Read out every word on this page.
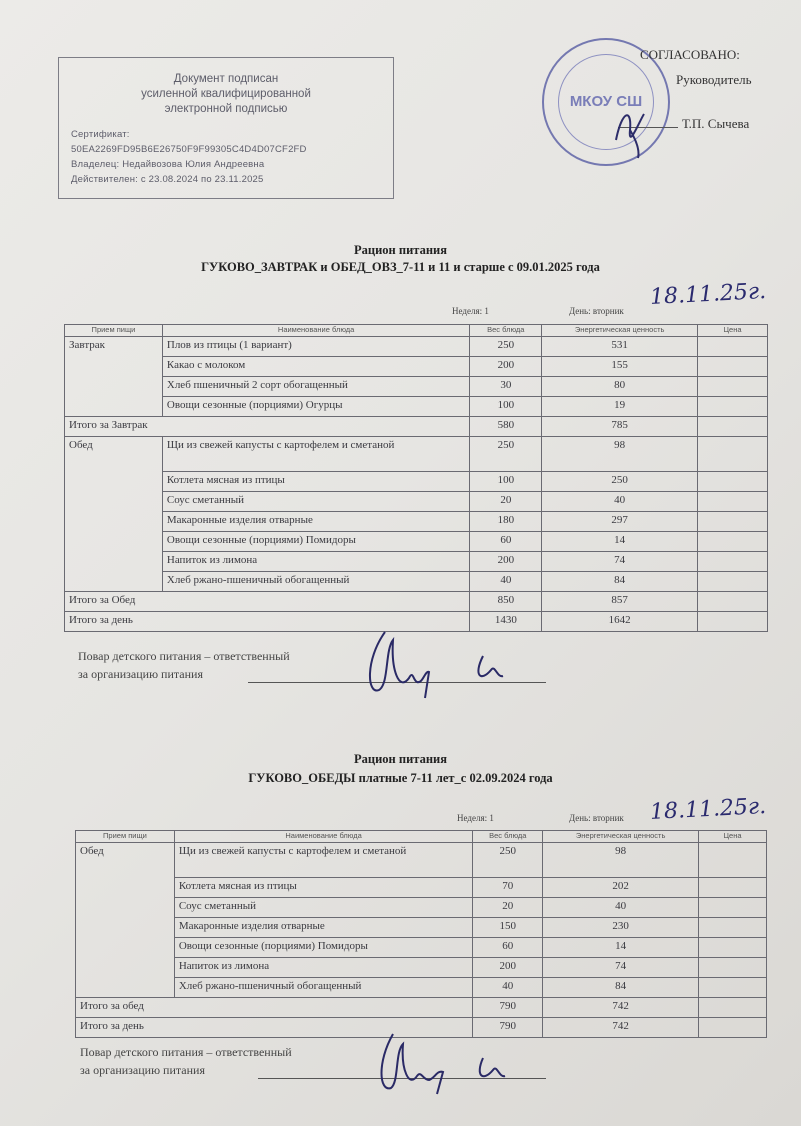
Документ подписан
усиленной квалифицированной
электронной подписью
Сертификат:
50EA2269FD95B6E26750F9F99305C4D4D07CF2FD
Владелец: Недайвозова Юлия Андреевна
Действителен: с 23.08.2024 по 23.11.2025
МКОУ СШ
СОГЛАСОВАНО:
Руководитель
Т.П. Сычева
Рацион питания
ГУКОВО_ЗАВТРАК и ОБЕД_ОВЗ_7-11 и 11 и старше с 09.01.2025 года
Неделя: 1	День: вторник
18.11.25г.
Прием пищи	Наименование блюда	Вес блюда	Энергетическая ценность	Цена
Завтрак	Плов из птицы (1 вариант)	250	531	
	Какао с молоком	200	155	
	Хлеб пшеничный 2 сорт обогащенный	30	80	
	Овощи сезонные (порциями) Огурцы	100	19	
Итого за Завтрак		580	785	
Обед	Щи из свежей капусты с картофелем и сметаной	250	98	
	Котлета мясная из птицы	100	250	
	Соус сметанный	20	40	
	Макаронные изделия отварные	180	297	
	Овощи сезонные (порциями) Помидоры	60	14	
	Напиток из лимона	200	74	
	Хлеб ржано-пшеничный обогащенный	40	84	
Итого за Обед		850	857	
Итого за день		1430	1642	
Повар детского питания – ответственный
за организацию питания
Рацион питания
ГУКОВО_ОБЕДЫ платные 7-11 лет_с 02.09.2024 года
Неделя: 1	День: вторник 18.11.25г.
Прием пищи	Наименование блюда	Вес блюда	Энергетическая ценность	Цена
Обед	Щи из свежей капусты с картофелем и сметаной	250	98	
	Котлета мясная из птицы	70	202	
	Соус сметанный	20	40	
	Макаронные изделия отварные	150	230	
	Овощи сезонные (порциями) Помидоры	60	14	
	Напиток из лимона	200	74	
	Хлеб ржано-пшеничный обогащенный	40	84	
Итого за обед		790	742	
Итого за день		790	742	
Повар детского питания – ответственный
за организацию питания
